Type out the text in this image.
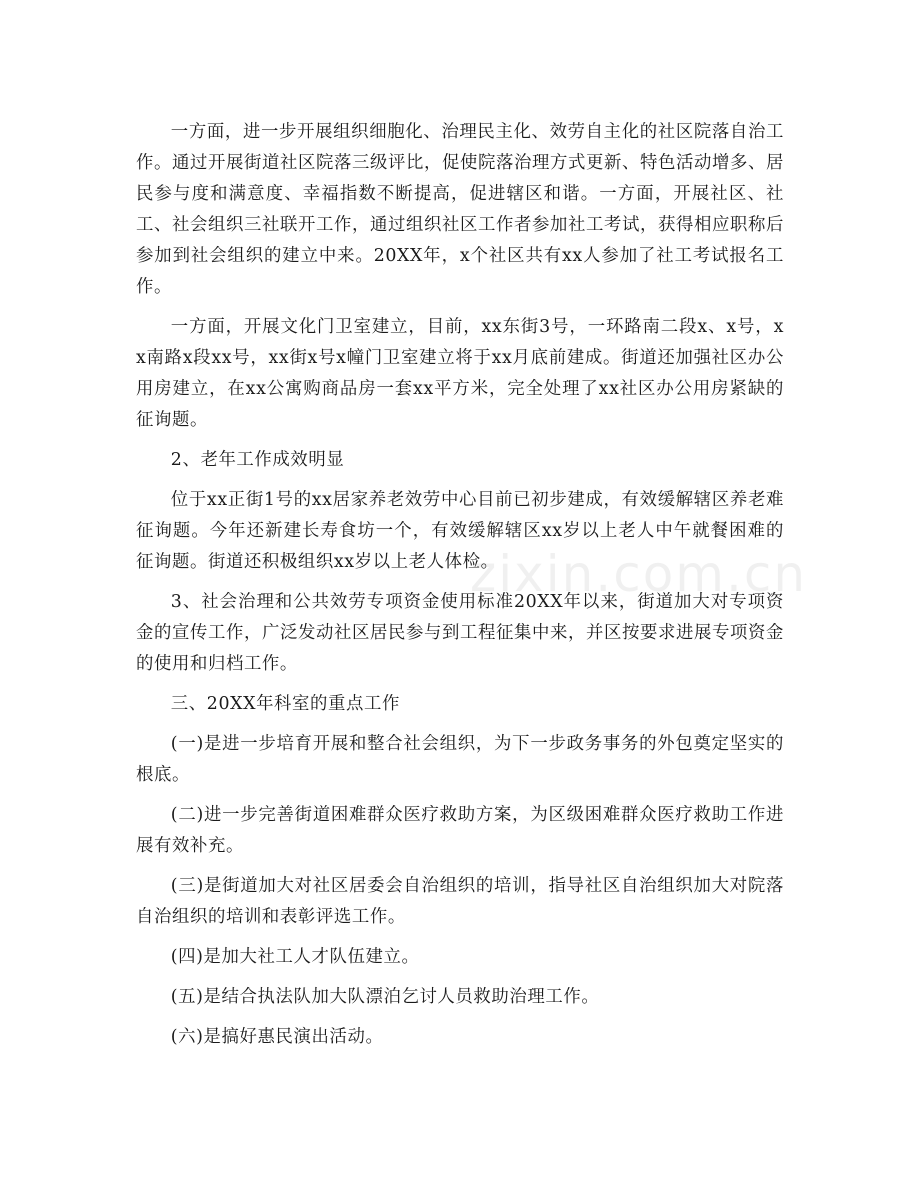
一方面，进一步开展组织细胞化、治理民主化、效劳自主化的社区院落自治工作。通过开展街道社区院落三级评比，促使院落治理方式更新、特色活动增多、居民参与度和满意度、幸福指数不断提高，促进辖区和谐。一方面，开展社区、社工、社会组织三社联开工作，通过组织社区工作者参加社工考试，获得相应职称后参加到社会组织的建立中来。20XX年，x个社区共有xx人参加了社工考试报名工作。

一方面，开展文化门卫室建立，目前，xx东街3号，一环路南二段x、x号，xx南路x段xx号，xx街x号x幢门卫室建立将于xx月底前建成。街道还加强社区办公用房建立，在xx公寓购商品房一套xx平方米，完全处理了xx社区办公用房紧缺的征询题。

2、老年工作成效明显

位于xx正街1号的xx居家养老效劳中心目前已初步建成，有效缓解辖区养老难征询题。今年还新建长寿食坊一个，有效缓解辖区xx岁以上老人中午就餐困难的征询题。街道还积极组织xx岁以上老人体检。

3、社会治理和公共效劳专项资金使用标准20XX年以来，街道加大对专项资金的宣传工作，广泛发动社区居民参与到工程征集中来，并区按要求进展专项资金的使用和归档工作。

三、20XX年科室的重点工作

(一)是进一步培育开展和整合社会组织，为下一步政务事务的外包奠定坚实的根底。

(二)进一步完善街道困难群众医疗救助方案，为区级困难群众医疗救助工作进展有效补充。

(三)是街道加大对社区居委会自治组织的培训，指导社区自治组织加大对院落自治组织的培训和表彰评选工作。

(四)是加大社工人才队伍建立。

(五)是结合执法队加大队漂泊乞讨人员救助治理工作。

(六)是搞好惠民演出活动。

zixin.com.cn
